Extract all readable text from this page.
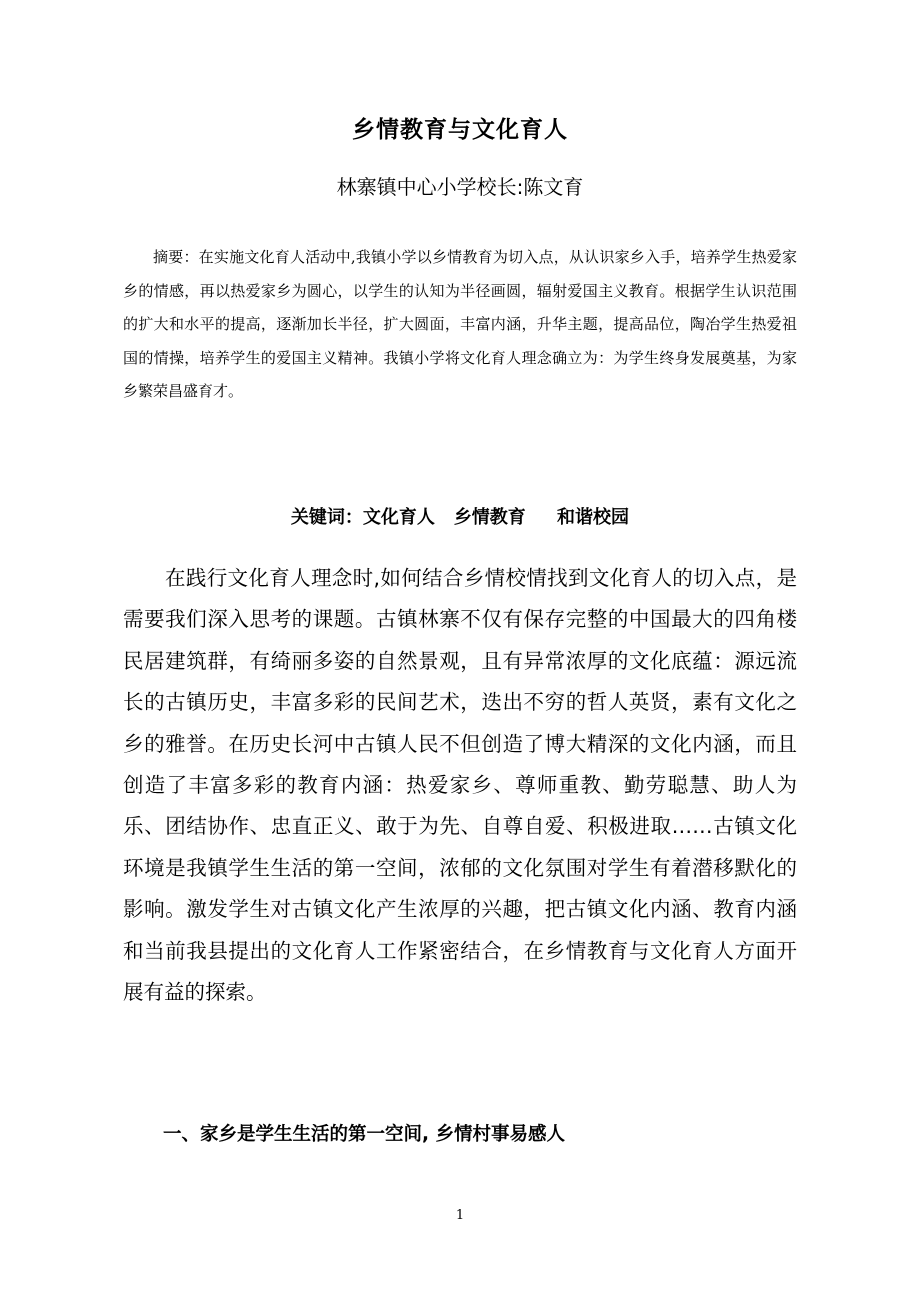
乡情教育与文化育人
林寨镇中心小学校长:陈文育
摘要：在实施文化育人活动中,我镇小学以乡情教育为切入点，从认识家乡入手，培养学生热爱家乡的情感，再以热爱家乡为圆心，以学生的认知为半径画圆，辐射爱国主义教育。根据学生认识范围的扩大和水平的提高，逐渐加长半径，扩大圆面，丰富内涵，升华主题，提高品位，陶冶学生热爱祖国的情操，培养学生的爱国主义精神。我镇小学将文化育人理念确立为：为学生终身发展奠基，为家乡繁荣昌盛育才。
关键词：文化育人   乡情教育     和谐校园
在践行文化育人理念时,如何结合乡情校情找到文化育人的切入点，是需要我们深入思考的课题。古镇林寨不仅有保存完整的中国最大的四角楼民居建筑群，有绮丽多姿的自然景观，且有异常浓厚的文化底蕴：源远流长的古镇历史，丰富多彩的民间艺术，迭出不穷的哲人英贤，素有文化之乡的雅誉。在历史长河中古镇人民不但创造了博大精深的文化内涵，而且创造了丰富多彩的教育内涵：热爱家乡、尊师重教、勤劳聪慧、助人为乐、团结协作、忠直正义、敢于为先、自尊自爱、积极进取……古镇文化环境是我镇学生生活的第一空间，浓郁的文化氛围对学生有着潜移默化的影响。激发学生对古镇文化产生浓厚的兴趣，把古镇文化内涵、教育内涵和当前我县提出的文化育人工作紧密结合，在乡情教育与文化育人方面开展有益的探索。
一、家乡是学生生活的第一空间, 乡情村事易感人
1
